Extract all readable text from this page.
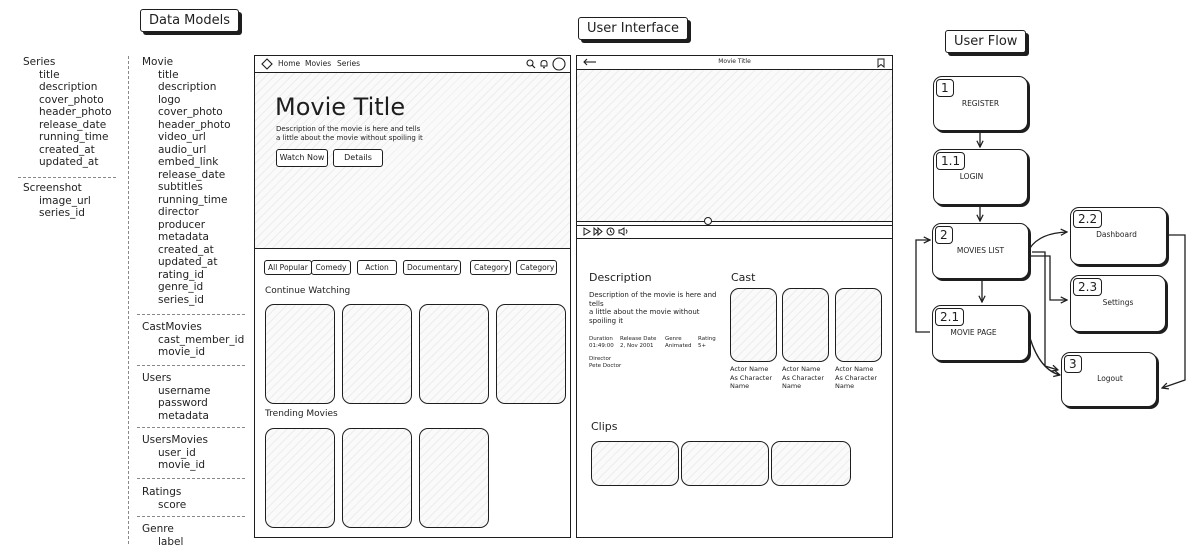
Data Models
Series
title
description
cover_photo
header_photo
release_date
running_time
created_at
updated_at
Screenshot
image_url
series_id
Movie
title
description
logo
cover_photo
header_photo
video_url
audio_url
embed_link
release_date
subtitles
running_time
director
producer
metadata
created_at
updated_at
rating_id
genre_id
series_id
CastMovies
cast_member_id
movie_id
Users
username
password
metadata
UsersMovies
user_id
movie_id
Ratings
score
Genre
label
User Interface
Home Movies Series
Movie Title
Description of the movie is here and tells
a little about the movie without spoiling it
Watch Now	Details
All Popular	Comedy	Action	Documentary	Category	Category
Continue Watching
Trending Movies
Movie Title
Description
Description of the movie is here and
tells
a little about the movie without
spoiling it
Duration
01:49:00
Release Date
2, Nov 2001
Genre
Animated
Rating
5+
Director
Pete Doctor
Cast
Actor Name
As Character
Name
Actor Name
As Character
Name
Actor Name
As Character
Name
Clips
User Flow
1
REGISTER
1.1
LOGIN
2
MOVIES LIST
2.1
MOVIE PAGE
2.2
Dashboard
2.3
Settings
3
Logout
